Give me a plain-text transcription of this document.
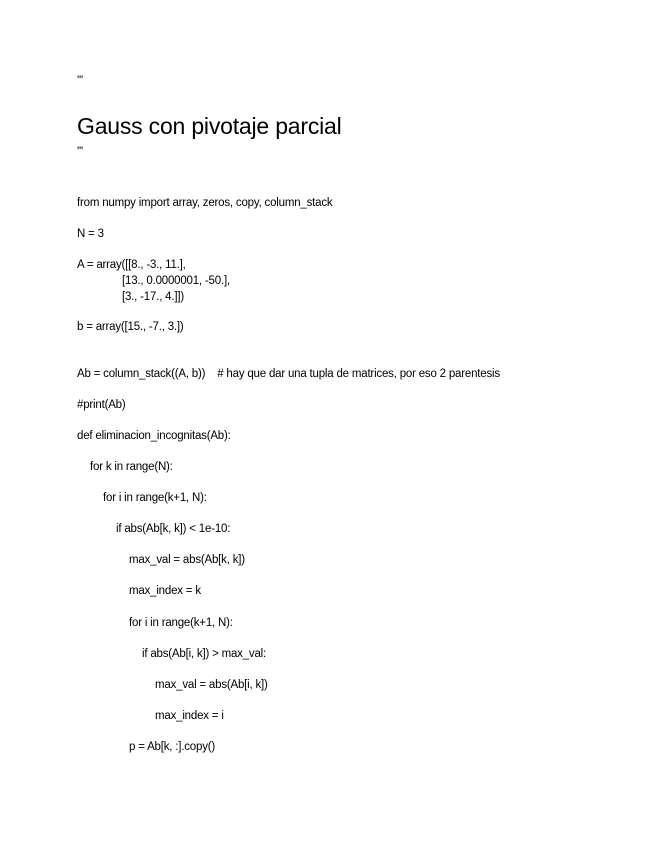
'''
Gauss con pivotaje parcial
'''
from numpy import array, zeros, copy, column_stack
N = 3
A = array([[8., -3., 11.],
[13., 0.0000001, -50.],
[3., -17., 4.]])
b = array([15., -7., 3.])
Ab = column_stack((A, b))    # hay que dar una tupla de matrices, por eso 2 parentesis
#print(Ab)
def eliminacion_incognitas(Ab):
for k in range(N):
for i in range(k+1, N):
if abs(Ab[k, k]) < 1e-10:
max_val = abs(Ab[k, k])
max_index = k
for i in range(k+1, N):
if abs(Ab[i, k]) > max_val:
max_val = abs(Ab[i, k])
max_index = i
p = Ab[k, :].copy()
